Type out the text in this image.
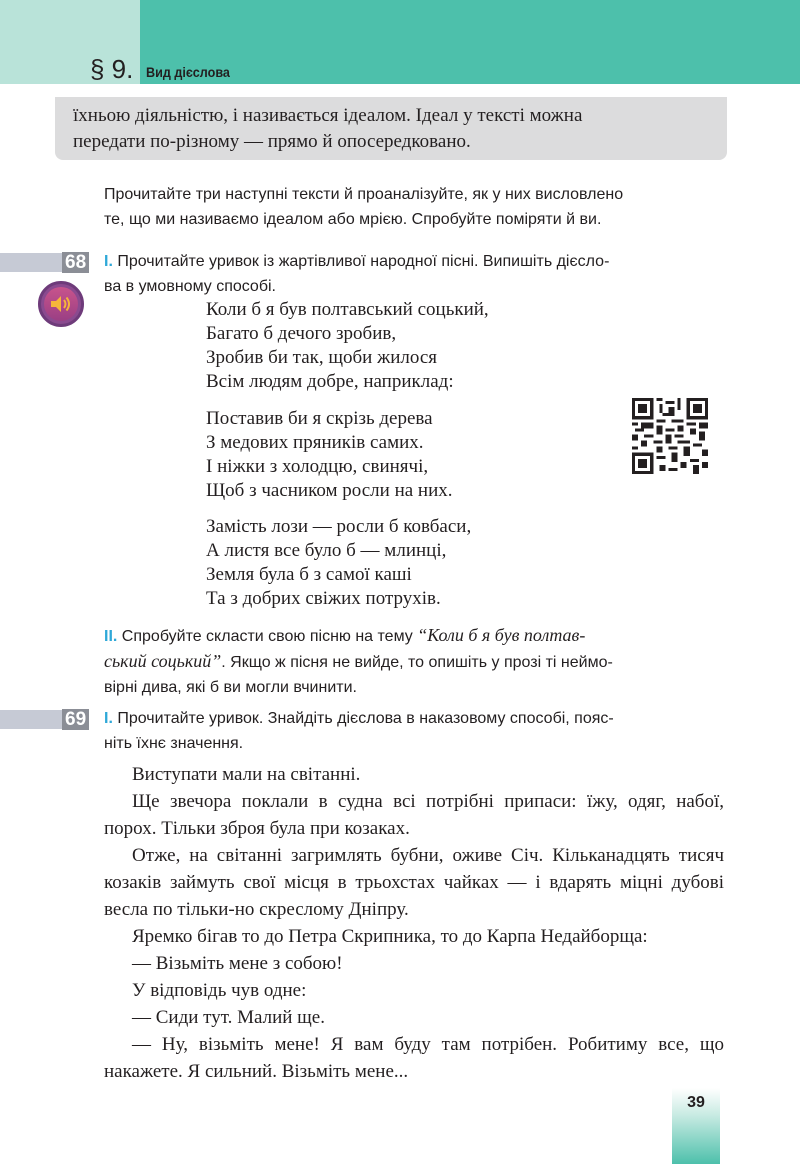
§ 9. Вид дієслова
їхньою діяльністю, і називається ідеалом. Ідеал у тексті можна
передати по-різному — прямо й опосередковано.
Прочитайте три наступні тексти й проаналізуйте, як у них висловлено
те, що ми називаємо ідеалом або мрією. Спробуйте поміряти й ви.
68 I. Прочитайте уривок із жартівливої народної пісні. Випишіть дієсло-
ва в умовному способі.
Коли б я був полтавський соцький,
Багато б дечого зробив,
Зробив би так, щоби жилося
Всім людям добре, наприклад:
Поставив би я скрізь дерева
З медових пряників самих.
І ніжки з холодцю, свинячі,
Щоб з часником росли на них.
Замість лози — росли б ковбаси,
А листя все було б — млинці,
Земля була б з самої каші
Та з добрих свіжих потрухів.
II. Спробуйте скласти свою пісню на тему “Коли б я був полтав-
ський соцький”. Якщо ж пісня не вийде, то опишіть у прозі ті неймо-
вірні дива, які б ви могли вчинити.
69 I. Прочитайте уривок. Знайдіть дієслова в наказовому способі, пояс-
ніть їхнє значення.

Виступати мали на світанні.

Ще звечора поклали в судна всі потрібні припаси: їжу, одяг, набої, порох. Тільки зброя була при козаках.

Отже, на світанні загримлять бубни, оживе Січ. Кільканадцять тисяч козаків займуть свої місця в трьохстах чайках — і вдарять міцні дубові весла по тільки-но скресломy Дніпру.

Яремко бігав то до Петра Скрипника, то до Карпа Недайборща:

— Візьміть мене з собою!

У відповідь чув одне:

— Сиди тут. Малий ще.

— Ну, візьміть мене! Я вам буду там потрібен. Робитиму все, що накажете. Я сильний. Візьміть мене...

39
